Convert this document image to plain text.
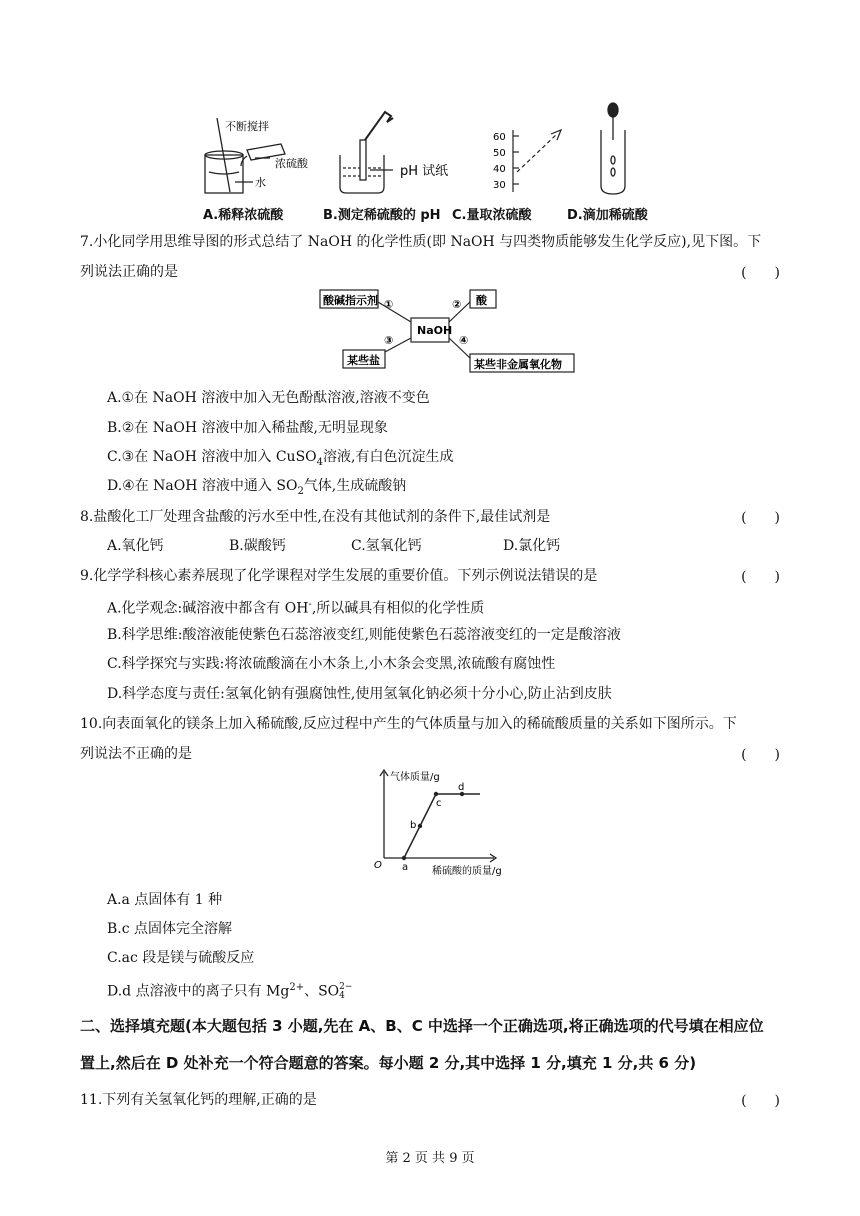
不断搅拌
浓硫酸
水
pH 试纸
60
50
40
30
A.稀释浓硫酸	B.测定稀硫酸的 pH C.量取浓硫酸	D.滴加稀硫酸
7.小化同学用思维导图的形式总结了 NaOH 的化学性质(即 NaOH 与四类物质能够发生化学反应),见下图。下
列说法正确的是	(　　)
NaOH
酸碱指示剂 ①	酸
②
某些盐
③
某些非金属氧化物
④
A.①在 NaOH 溶液中加入无色酚酞溶液,溶液不变色
B.②在 NaOH 溶液中加入稀盐酸,无明显现象
C.③在 NaOH 溶液中加入 CuSO$_4$溶液,有白色沉淀生成
D.④在 NaOH 溶液中通入 $SO_2$气体,生成硫酸钠
8.盐酸化工厂处理含盐酸的污水至中性,在没有其他试剂的条件下,最佳试剂是	(　　)
A.氧化钙	B.碳酸钙	C.氢氧化钙	D.氯化钙
9.化学学科核心素养展现了化学课程对学生发展的重要价值。下列示例说法错误的是	(　　)
A.化学观念:碱溶液中都含有 OH-,所以碱具有相似的化学性质
B.科学思维:酸溶液能使紫色石蕊溶液变红,则能使紫色石蕊溶液变红的一定是酸溶液
C.科学探究与实践:将浓硫酸滴在小木条上,小木条会变黑,浓硫酸有腐蚀性
D.科学态度与责任:氢氧化钠有强腐蚀性,使用氢氧化钠必须十分小心,防止沾到皮肤
10.向表面氧化的镁条上加入稀硫酸,反应过程中产生的气体质量与加入的稀硫酸质量的关系如下图所示。下
列说法不正确的是	(　　)
气体质量/g
O a
b
c
d
稀硫酸的质量/g
A.a 点固体有 1 种
B.c 点固体完全溶解
C.ac 段是镁与硫酸反应
D.d 点溶液中的离子只有 $Mg^{2+}$、SO 2−
4
二、选择填充题(本大题包括 3 小题,先在 A、B、C 中选择一个正确选项,将正确选项的代号填在相应位
置上,然后在 D 处补充一个符合题意的答案。每小题 2 分,其中选择 1 分,填充 1 分,共 6 分)
11.下列有关氢氧化钙的理解,正确的是	(　　)
第 2 页 共 9 页
